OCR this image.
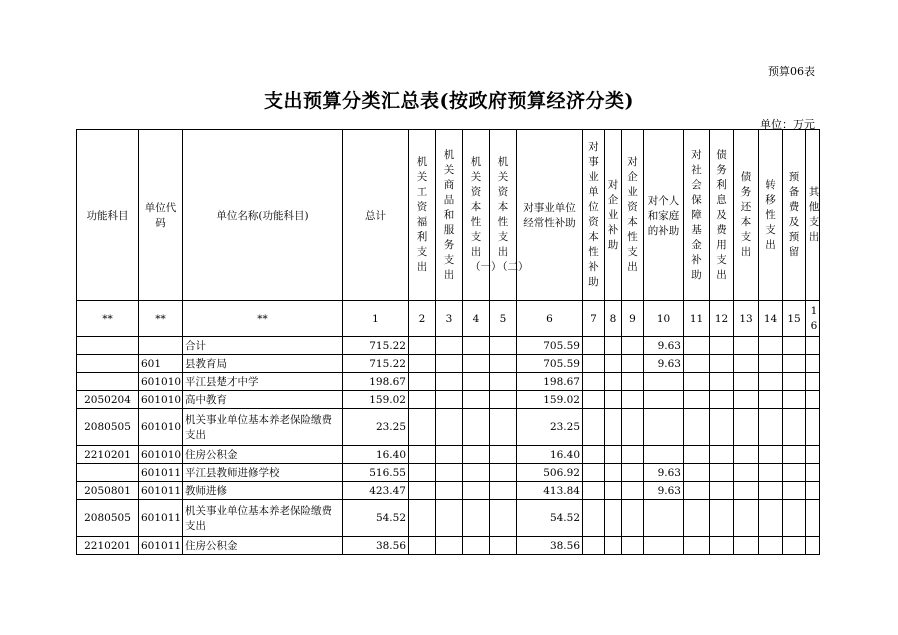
预算06表
支出预算分类汇总表(按政府预算经济分类)
单位：万元
功能科目	单位代码	单位名称(功能科目)	总计	机关工资福利支出	机关商品和服务支出	机关资本性支出（一）	机关资本性支出（二）	对事业单位经常性补助	对事业单位资本性补助	对企业补助	对企业资本性支出	对个人和家庭的补助	对社会保障基金补助	债务利息及费用支出	债务还本支出	转移性支出	预备费及预留	其他支出
**	**	**	1	2	3	4	5	6	7	8	9	10	11	12	13	14	15	16
		合计	715.22					705.59				9.63						
	601	县教育局	715.22					705.59				9.63						
	601010	平江县楚才中学	198.67					198.67										
2050204	601010	高中教育	159.02					159.02										
2080505	601010	机关事业单位基本养老保险缴费支出	23.25					23.25										
2210201	601010	住房公积金	16.40					16.40										
	601011	平江县教师进修学校	516.55					506.92				9.63						
2050801	601011	教师进修	423.47					413.84				9.63						
2080505	601011	机关事业单位基本养老保险缴费支出	54.52					54.52										
2210201	601011	住房公积金	38.56					38.56										
